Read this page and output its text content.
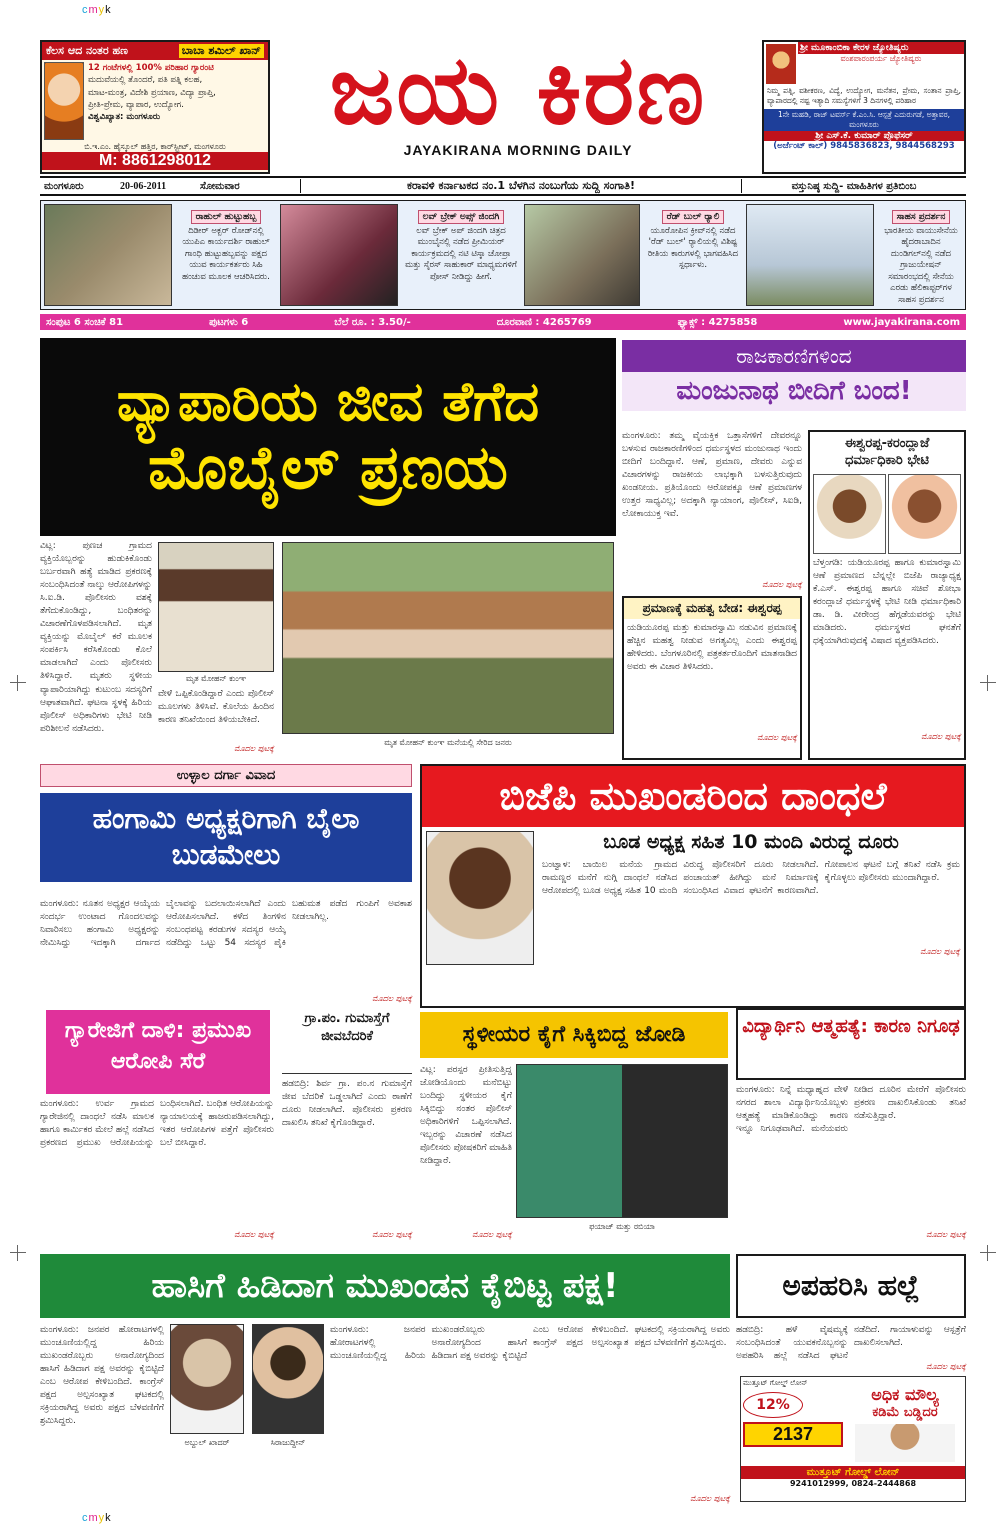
cmyk
cmyk
ಕೆಲಸ ಆದ ನಂತರ ಹಣ	ಬಾಬಾ ಶಮಿಲ್ ಖಾನ್
12 ಗಂಟೆಗಳಲ್ಲಿ 100% ಪರಿಹಾರ ಗ್ಯಾರಂಟಿ
ಮದುವೆಯಲ್ಲಿ ತೊಂದರೆ, ಪತಿ ಪತ್ನಿ ಕಲಹ,
ಮಾಟ-ಮಂತ್ರ, ವಿದೇಶಿ ಪ್ರಯಾಣ, ವಿದ್ಯಾ ಪ್ರಾಪ್ತಿ,
ಪ್ರೀತಿ-ಪ್ರೇಮ, ವ್ಯಾಪಾರ, ಉದ್ಯೋಗ.
ವಿಶ್ವವಿಖ್ಯಾತ: ಮಂಗಳೂರು
ಬಿ.ಇ.ಎಂ. ಹೈಸ್ಕೂಲ್ ಹತ್ತಿರ, ಕಾರ್‌ಸ್ಟ್ರೀಟ್, ಮಂಗಳೂರು
M: 8861298012
ಜಯ ಕಿರಣ
JAYAKIRANA MORNING DAILY
ಶ್ರೀ ಮೂಕಾಂಬಿಕಾ ಕೇರಳ ಜ್ಯೋತಿಷ್ಯರು
ವಂಶಪಾರಂಪರ್ಯ ಜ್ಯೋತಿಷ್ಯರು
ನಿಮ್ಮ ಪತ್ನಿ, ವಶೀಕರಣ, ವಿದ್ಯೆ, ಉದ್ಯೋಗ, ಮನೆತನ, ಪ್ರೇಮ, ಸಂತಾನ ಪ್ರಾಪ್ತಿ, ವ್ಯಾಪಾರದಲ್ಲಿ ನಷ್ಟ ಇತ್ಯಾದಿ ಸಮಸ್ಯೆಗಳಿಗೆ 3 ದಿನಗಳಲ್ಲಿ ಪರಿಹಾರ
1ನೇ ಮಹಡಿ, ರಾಜ್ ಟವರ್ಸ್ ಕೆ.ಎಂ.ಸಿ. ಆಸ್ಪತ್ರೆ ಎದುರುಗಡೆ, ಅತ್ತಾವರ, ಮಂಗಳೂರು
ಶ್ರೀ ಎಸ್.ಕೆ. ಕುಮಾರ್ ಪ್ರೊಫೆಸರ್
(ಅರ್ಜೆಂಟ್ ಕಾಲ್) 9845836823, 9844568293
ಮಂಗಳೂರು	20-06-2011	ಸೋಮವಾರ	ಕರಾವಳಿ ಕರ್ನಾಟಕದ ನಂ.1 ಬೆಳಗಿನ ನಂಬುಗೆಯ ಸುದ್ದಿ ಸಂಗಾತಿ!	ವಸ್ತುನಿಷ್ಠ ಸುದ್ದಿ- ಮಾಹಿತಿಗಳ ಪ್ರತಿಬಿಂಬ
ರಾಹುಲ್ ಹುಟ್ಟುಹಬ್ಬ
ದಿಡೀರ್ ಅಕ್ಬರ್ ರೋಡ್‌ನಲ್ಲಿ ಯುಪಿಎ ಕಾರ್ಯದರ್ಶಿ ರಾಹುಲ್ ಗಾಂಧಿ ಹುಟ್ಟುಹಬ್ಬವನ್ನು ಪಕ್ಷದ ಯುವ ಕಾರ್ಯಕರ್ತರು ಸಿಹಿ ಹಂಚುವ ಮೂಲಕ ಆಚರಿಸಿದರು.
ಲವ್ ಬ್ರೇಕ್ ಅಪ್ಸ್ ಜಿಂದಗಿ
ಲವ್ ಬ್ರೇಕ್ ಅಪ್ ಜಿಂದಗಿ ಚಿತ್ರದ ಮುಂಬೈನಲ್ಲಿ ನಡೆದ ಪ್ರೀಮಿಯರ್ ಕಾರ್ಯಕ್ರಮದಲ್ಲಿ ನಟಿ ಟಿಸ್ಕಾ ಚೋಪ್ರಾ ಮತ್ತು ಸೈರಸ್ ಸಾಹುಕಾರ್ ಮಾಧ್ಯಮಗಳಿಗೆ ಪೋಸ್ ನೀಡಿದ್ದು ಹೀಗೆ.
ರೆಡ್ ಬುಲ್ ರ್‍ಯಾಲಿ
ಯೂರೋಪಿನ ಕ್ರೀವ್‌ನಲ್ಲಿ ನಡೆದ 'ರೆಡ್ ಬುಲ್' ರ್‍ಯಾಲಿಯಲ್ಲಿ ವಿಶಿಷ್ಟ ರೀತಿಯ ಕಾರುಗಳಲ್ಲಿ ಭಾಗವಹಿಸಿದ ಸ್ಪರ್ಧಾಳು.
ಸಾಹಸ ಪ್ರದರ್ಶನ
ಭಾರತೀಯ ವಾಯುಸೇನೆಯ ಹೈದರಾಬಾದಿನ ದುಂಡಿಗಲ್‌ನಲ್ಲಿ ನಡೆದ ಗ್ರಾಜುಯೇಷನ್ ಸಮಾರಂಭದಲ್ಲಿ ಸೇನೆಯ ಎರಡು ಹೆಲಿಕಾಪ್ಟರ್‌ಗಳ ಸಾಹಸ ಪ್ರದರ್ಶನ
ಸಂಪುಟ 6 ಸಂಚಿಕೆ 81	ಪುಟಗಳು 6	ಬೆಲೆ ರೂ. : 3.50/-	ದೂರವಾಣಿ : 4265769	ಫ್ಯಾಕ್ಸ್ : 4275858	www.jayakirana.com
ವ್ಯಾಪಾರಿಯ ಜೀವ ತೆಗೆದ
ಮೊಬೈಲ್ ಪ್ರಣಯ
ವಿಟ್ಲ: ಪುಣಚ ಗ್ರಾಮದ ವ್ಯಕ್ತಿಯೊಬ್ಬರನ್ನು ಹುಡುಕಿಕೊಂಡು ಬರ್ಬರವಾಗಿ ಹತ್ಯೆ ಮಾಡಿದ ಪ್ರಕರಣಕ್ಕೆ ಸಂಬಂಧಿಸಿದಂತೆ ನಾಲ್ಕು ಆರೋಪಿಗಳನ್ನು ಸಿ.ಐ.ಡಿ. ಪೊಲೀಸರು ವಶಕ್ಕೆ ತೆಗೆದುಕೊಂಡಿದ್ದು, ಬಂಧಿತರನ್ನು ವಿಚಾರಣೆಗೊಳಪಡಿಸಲಾಗಿದೆ. ಮೃತ ವ್ಯಕ್ತಿಯನ್ನು ಮೊಬೈಲ್ ಕರೆ ಮೂಲಕ ಸಂಪರ್ಕಿಸಿ ಕರೆಸಿಕೊಂಡು ಕೊಲೆ ಮಾಡಲಾಗಿದೆ ಎಂದು ಪೊಲೀಸರು ತಿಳಿಸಿದ್ದಾರೆ. ಮೃತರು ಸ್ಥಳೀಯ ವ್ಯಾಪಾರಿಯಾಗಿದ್ದು ಕುಟುಂಬ ಸದಸ್ಯರಿಗೆ ಆಘಾತವಾಗಿದೆ. ಘಟನಾ ಸ್ಥಳಕ್ಕೆ ಹಿರಿಯ ಪೊಲೀಸ್ ಅಧಿಕಾರಿಗಳು ಭೇಟಿ ನೀಡಿ ಪರಿಶೀಲನೆ ನಡೆಸಿದರು.
ಮೃತ ಮೋಹನ್ ಕುಂಞ
ವೇಳೆ ಒಪ್ಪಿಕೊಂಡಿದ್ದಾರೆ ಎಂದು ಪೊಲೀಸ್ ಮೂಲಗಳು ತಿಳಿಸಿವೆ. ಕೊಲೆಯ ಹಿಂದಿನ ಕಾರಣ ತನಿಖೆಯಿಂದ ತಿಳಿಯಬೇಕಿದೆ.
ಮೊದಲ ಪುಟಕ್ಕೆ
ಮೃತ ಮೋಹನ್ ಕುಂಞ ಮನೆಯಲ್ಲಿ ಸೇರಿದ ಜನರು
ರಾಜಕಾರಣಿಗಳಿಂದ
ಮಂಜುನಾಥ ಬೀದಿಗೆ ಬಂದ!
ಮಂಗಳೂರು: ತಮ್ಮ ವೈಯಕ್ತಿಕ ಒತ್ತಾಸೆಗಳಿಗೆ ದೇವರನ್ನೂ ಬಳಸುವ ರಾಜಕಾರಣಿಗಳಿಂದ ಧರ್ಮಸ್ಥಳದ ಮಂಜುನಾಥ ಇಂದು ಬೀದಿಗೆ ಬಂದಿದ್ದಾನೆ. ಆಣೆ, ಪ್ರಮಾಣ, ದೇವರು ಎನ್ನುವ ವಿಚಾರಗಳನ್ನು ರಾಜಕೀಯ ಲಾಭಕ್ಕಾಗಿ ಬಳಸುತ್ತಿರುವುದು ಖಂಡನೀಯ. ಪ್ರತಿಯೊಂದು ಆರೋಪಕ್ಕೂ ಆಣೆ ಪ್ರಮಾಣಗಳ ಉತ್ತರ ಸಾಧ್ಯವಿಲ್ಲ; ಅದಕ್ಕಾಗಿ ನ್ಯಾಯಾಂಗ, ಪೊಲೀಸ್, ಸಿಐಡಿ, ಲೋಕಾಯುಕ್ತ ಇವೆ.
ಮೊದಲ ಪುಟಕ್ಕೆ
ಈಶ್ವರಪ್ಪ-ಕರಂದ್ಲಾಜೆ ಧರ್ಮಾಧಿಕಾರಿ ಭೇಟಿ
ಬೆಳ್ತಂಗಡಿ: ಯಡಿಯೂರಪ್ಪ ಹಾಗೂ ಕುಮಾರಸ್ವಾಮಿ ಆಣೆ ಪ್ರಮಾಣದ ಬೆನ್ನಲ್ಲೇ ಬಿಜೆಪಿ ರಾಜ್ಯಾಧ್ಯಕ್ಷ ಕೆ.ಎಸ್. ಈಶ್ವರಪ್ಪ ಹಾಗೂ ಸಚಿವೆ ಶೋಭಾ ಕರಂದ್ಲಾಜೆ ಧರ್ಮಸ್ಥಳಕ್ಕೆ ಭೇಟಿ ನೀಡಿ ಧರ್ಮಾಧಿಕಾರಿ ಡಾ. ಡಿ. ವೀರೇಂದ್ರ ಹೆಗ್ಗಡೆಯವರನ್ನು ಭೇಟಿ ಮಾಡಿದರು. ಧರ್ಮಸ್ಥಳದ ಘನತೆಗೆ ಧಕ್ಕೆಯಾಗಿರುವುದಕ್ಕೆ ವಿಷಾದ ವ್ಯಕ್ತಪಡಿಸಿದರು.
ಮೊದಲ ಪುಟಕ್ಕೆ
ಪ್ರಮಾಣಕ್ಕೆ ಮಹತ್ವ ಬೇಡ: ಈಶ್ವರಪ್ಪ
ಯಡಿಯೂರಪ್ಪ ಮತ್ತು ಕುಮಾರಸ್ವಾಮಿ ನಡುವಿನ ಪ್ರಮಾಣಕ್ಕೆ ಹೆಚ್ಚಿನ ಮಹತ್ವ ನೀಡುವ ಅಗತ್ಯವಿಲ್ಲ ಎಂದು ಈಶ್ವರಪ್ಪ ಹೇಳಿದರು. ಬೆಂಗಳೂರಿನಲ್ಲಿ ಪತ್ರಕರ್ತರೊಂದಿಗೆ ಮಾತನಾಡಿದ ಅವರು ಈ ವಿಚಾರ ತಿಳಿಸಿದರು.
ಮೊದಲ ಪುಟಕ್ಕೆ
ಉಳ್ಳಾಲ ದರ್ಗಾ ವಿವಾದ
ಹಂಗಾಮಿ ಅಧ್ಯಕ್ಷರಿಗಾಗಿ ಬೈಲಾ ಬುಡಮೇಲು
ಮಂಗಳೂರು: ನೂತನ ಅಧ್ಯಕ್ಷರ ಆಯ್ಕೆಯ ಸಂದರ್ಭ ಉಂಟಾದ ಗೊಂದಲವನ್ನು ನಿವಾರಿಸಲು ಹಂಗಾಮಿ ಅಧ್ಯಕ್ಷರನ್ನು ನೇಮಿಸಿದ್ದು ಇದಕ್ಕಾಗಿ ದರ್ಗಾದ ಬೈಲಾವನ್ನು ಬದಲಾಯಿಸಲಾಗಿದೆ ಎಂದು ಆರೋಪಿಸಲಾಗಿದೆ. ಕಳೆದ ತಿಂಗಳಿನ ಸಂಬಂಧಪಟ್ಟ ಕರಡುಗಳ ಸದಸ್ಯರ ಆಯ್ಕೆ ನಡೆದಿದ್ದು ಒಟ್ಟು 54 ಸದಸ್ಯರ ಪೈಕಿ ಬಹುಮತ ಪಡೆದ ಗುಂಪಿಗೆ ಅವಕಾಶ ನೀಡಲಾಗಿಲ್ಲ.
ಮೊದಲ ಪುಟಕ್ಕೆ
ಬಿಜೆಪಿ ಮುಖಂಡರಿಂದ ದಾಂಧಲೆ
ಬೂಡ ಅಧ್ಯಕ್ಷ ಸಹಿತ 10 ಮಂದಿ ವಿರುದ್ಧ ದೂರು
ಬಂಟ್ವಾಳ: ಬಾಯಿಲ ಮನೆಯ ಗ್ರಾಮದ ರಾಮಣ್ಣರ ಮನೆಗೆ ನುಗ್ಗಿ ದಾಂಧಲೆ ನಡೆಸಿದ ಆರೋಪದಲ್ಲಿ ಬೂಡ ಅಧ್ಯಕ್ಷ ಸಹಿತ 10 ಮಂದಿ ವಿರುದ್ಧ ಪೊಲೀಸರಿಗೆ ದೂರು ನೀಡಲಾಗಿದೆ. ಪಂಚಾಯತ್ ಹೀಗಿದ್ದು ಮನೆ ನಿರ್ಮಾಣಕ್ಕೆ ಸಂಬಂಧಿಸಿದ ವಿವಾದ ಘಟನೆಗೆ ಕಾರಣವಾಗಿದೆ. ಗೋಪಾಲನ ಘಟನೆ ಬಗ್ಗೆ ತನಿಖೆ ನಡೆಸಿ ಕ್ರಮ ಕೈಗೊಳ್ಳಲು ಪೊಲೀಸರು ಮುಂದಾಗಿದ್ದಾರೆ.
ಮೊದಲ ಪುಟಕ್ಕೆ
ಗ್ಯಾರೇಜಿಗೆ ದಾಳಿ: ಪ್ರಮುಖ ಆರೋಪಿ ಸೆರೆ
ಮಂಗಳೂರು: ಉರ್ವ ಗ್ರಾಮದ ಗ್ಯಾರೇಜಿನಲ್ಲಿ ದಾಂಧಲೆ ನಡೆಸಿ ಮಾಲಕ ಹಾಗೂ ಕಾರ್ಮಿಕರ ಮೇಲೆ ಹಲ್ಲೆ ನಡೆಸಿದ ಪ್ರಕರಣದ ಪ್ರಮುಖ ಆರೋಪಿಯನ್ನು ಬಂಧಿಸಲಾಗಿದೆ. ಬಂಧಿತ ಆರೋಪಿಯನ್ನು ನ್ಯಾಯಾಲಯಕ್ಕೆ ಹಾಜರುಪಡಿಸಲಾಗಿದ್ದು, ಇತರ ಆರೋಪಿಗಳ ಪತ್ತೆಗೆ ಪೊಲೀಸರು ಬಲೆ ಬೀಸಿದ್ದಾರೆ.
ಮೊದಲ ಪುಟಕ್ಕೆ
ಗ್ರಾ.ಪಂ. ಗುಮಾಸ್ತೆಗೆ ಜೀವಬೆದರಿಕೆ
ಹಡಬಿದ್ರಿ: ಶಿರ್ವ ಗ್ರಾ. ಪಂ.ನ ಗುಮಾಸ್ತೆಗೆ ಜೀವ ಬೆದರಿಕೆ ಒಡ್ಡಲಾಗಿದೆ ಎಂದು ಠಾಣೆಗೆ ದೂರು ನೀಡಲಾಗಿದೆ. ಪೊಲೀಸರು ಪ್ರಕರಣ ದಾಖಲಿಸಿ ತನಿಖೆ ಕೈಗೊಂಡಿದ್ದಾರೆ.
ಮೊದಲ ಪುಟಕ್ಕೆ
ಸ್ಥಳೀಯರ ಕೈಗೆ ಸಿಕ್ಕಿಬಿದ್ದ ಜೋಡಿ
ವಿಟ್ಲ: ಪರಸ್ಪರ ಪ್ರೀತಿಸುತ್ತಿದ್ದ ಜೋಡಿಯೊಂದು ಮನೆಬಿಟ್ಟು ಬಂದಿದ್ದು ಸ್ಥಳೀಯರ ಕೈಗೆ ಸಿಕ್ಕಿಬಿದ್ದು ನಂತರ ಪೊಲೀಸ್ ಅಧಿಕಾರಿಗಳಿಗೆ ಒಪ್ಪಿಸಲಾಗಿದೆ. ಇಬ್ಬರನ್ನು ವಿಚಾರಣೆ ನಡೆಸಿದ ಪೊಲೀಸರು ಪೋಷಕರಿಗೆ ಮಾಹಿತಿ ನೀಡಿದ್ದಾರೆ.
ಮೊದಲ ಪುಟಕ್ಕೆ
ಫಯಾಜ್ ಮತ್ತು ರಬಿಯಾ
ವಿದ್ಯಾರ್ಥಿನಿ ಆತ್ಮಹತ್ಯೆ: ಕಾರಣ ನಿಗೂಢ
ಮಂಗಳೂರು: ನಿನ್ನೆ ಮಧ್ಯಾಹ್ನದ ವೇಳೆ ನಗರದ ಶಾಲಾ ವಿದ್ಯಾರ್ಥಿನಿಯೊಬ್ಬಳು ಆತ್ಮಹತ್ಯೆ ಮಾಡಿಕೊಂಡಿದ್ದು ಕಾರಣ ಇನ್ನೂ ನಿಗೂಢವಾಗಿದೆ. ಮನೆಯವರು ನೀಡಿದ ದೂರಿನ ಮೇರೆಗೆ ಪೊಲೀಸರು ಪ್ರಕರಣ ದಾಖಲಿಸಿಕೊಂಡು ತನಿಖೆ ನಡೆಸುತ್ತಿದ್ದಾರೆ.
ಮೊದಲ ಪುಟಕ್ಕೆ
ಹಾಸಿಗೆ ಹಿಡಿದಾಗ ಮುಖಂಡನ ಕೈಬಿಟ್ಟ ಪಕ್ಷ!
ಮಂಗಳೂರು: ಜನಪರ ಹೋರಾಟಗಳಲ್ಲಿ ಮುಂಚೂಣಿಯಲ್ಲಿದ್ದ ಹಿರಿಯ ಮುಖಂಡರೊಬ್ಬರು ಅನಾರೋಗ್ಯದಿಂದ ಹಾಸಿಗೆ ಹಿಡಿದಾಗ ಪಕ್ಷ ಅವರನ್ನು ಕೈಬಿಟ್ಟಿದೆ ಎಂಬ ಆರೋಪ ಕೇಳಿಬಂದಿದೆ. ಕಾಂಗ್ರೆಸ್ ಪಕ್ಷದ ಅಲ್ಪಸಂಖ್ಯಾತ ಘಟಕದಲ್ಲಿ ಸಕ್ರಿಯರಾಗಿದ್ದ ಅವರು ಪಕ್ಷದ ಬೆಳವಣಿಗೆಗೆ ಶ್ರಮಿಸಿದ್ದರು.
ಅಬ್ದುಲ್ ಖಾದರ್	ಸಿರಾಜುದ್ದೀನ್
ಮಂಗಳೂರು: ಜನಪರ ಹೋರಾಟಗಳಲ್ಲಿ ಮುಂಚೂಣಿಯಲ್ಲಿದ್ದ ಹಿರಿಯ ಮುಖಂಡರೊಬ್ಬರು ಅನಾರೋಗ್ಯದಿಂದ ಹಾಸಿಗೆ ಹಿಡಿದಾಗ ಪಕ್ಷ ಅವರನ್ನು ಕೈಬಿಟ್ಟಿದೆ ಎಂಬ ಆರೋಪ ಕೇಳಿಬಂದಿದೆ. ಕಾಂಗ್ರೆಸ್ ಪಕ್ಷದ ಅಲ್ಪಸಂಖ್ಯಾತ ಘಟಕದಲ್ಲಿ ಸಕ್ರಿಯರಾಗಿದ್ದ ಅವರು ಪಕ್ಷದ ಬೆಳವಣಿಗೆಗೆ ಶ್ರಮಿಸಿದ್ದರು.
ಮೊದಲ ಪುಟಕ್ಕೆ
ಅಪಹರಿಸಿ ಹಲ್ಲೆ
ಹಡಬಿದ್ರಿ: ಹಳೆ ವೈಷಮ್ಯಕ್ಕೆ ಸಂಬಂಧಿಸಿದಂತೆ ಯುವಕನೊಬ್ಬನನ್ನು ಅಪಹರಿಸಿ ಹಲ್ಲೆ ನಡೆಸಿದ ಘಟನೆ ನಡೆದಿದೆ. ಗಾಯಾಳುವನ್ನು ಆಸ್ಪತ್ರೆಗೆ ದಾಖಲಿಸಲಾಗಿದೆ.
ಮೊದಲ ಪುಟಕ್ಕೆ
ಮುತ್ತೂಟ್ ಗೋಲ್ಡ್ ಲೋನ್
12%
2137
ಅಧಿಕ ಮೌಲ್ಯ
ಕಡಿಮೆ ಬಡ್ಡಿದರ
ಮುತ್ತೂಟ್ ಗೋಲ್ಡ್ ಲೋನ್
9241012999, 0824-2444868
